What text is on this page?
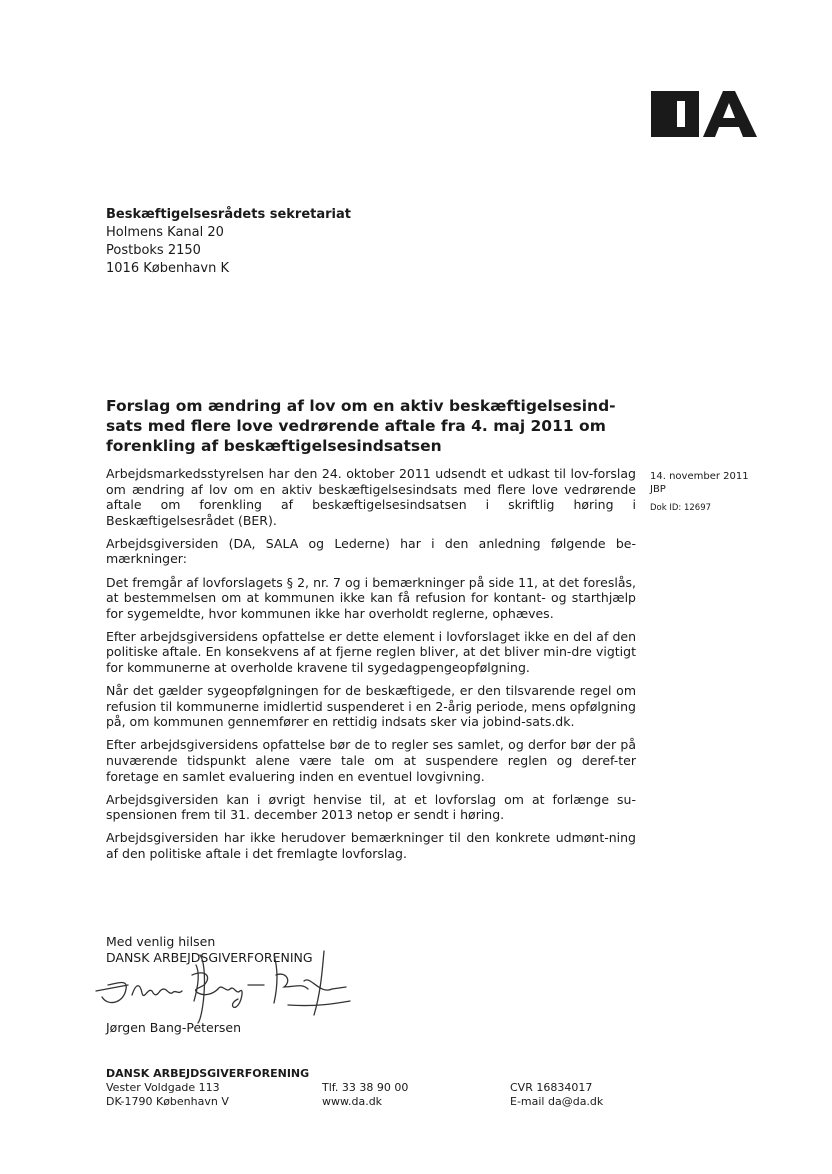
Beskæftigelsesrådets sekretariat
Holmens Kanal 20
Postboks 2150
1016 København K
Forslag om ændring af lov om en aktiv beskæftigelsesind-sats med flere love vedrørende aftale fra 4. maj 2011 om forenkling af beskæftigelsesindsatsen
14. november 2011
JBP
Dok ID: 12697

Arbejdsmarkedsstyrelsen har den 24. oktober 2011 udsendt et udkast til lov-forslag om ændring af lov om en aktiv beskæftigelsesindsats med flere love vedrørende aftale om forenkling af beskæftigelsesindsatsen i skriftlig høring i Beskæftigelsesrådet (BER).

Arbejdsgiversiden (DA, SALA og Lederne) har i den anledning følgende be-mærkninger:

Det fremgår af lovforslagets § 2, nr. 7 og i bemærkninger på side 11, at det foreslås, at bestemmelsen om at kommunen ikke kan få refusion for kontant- og starthjælp for sygemeldte, hvor kommunen ikke har overholdt reglerne, ophæves.

Efter arbejdsgiversidens opfattelse er dette element i lovforslaget ikke en del af den politiske aftale. En konsekvens af at fjerne reglen bliver, at det bliver min-dre vigtigt for kommunerne at overholde kravene til sygedagpengeopfølgning.

Når det gælder sygeopfølgningen for de beskæftigede, er den tilsvarende regel om refusion til kommunerne imidlertid suspenderet i en 2-årig periode, mens opfølgning på, om kommunen gennemfører en rettidig indsats sker via jobind-sats.dk.

Efter arbejdsgiversidens opfattelse bør de to regler ses samlet, og derfor bør der på nuværende tidspunkt alene være tale om at suspendere reglen og deref-ter foretage en samlet evaluering inden en eventuel lovgivning.

Arbejdsgiversiden kan i øvrigt henvise til, at et lovforslag om at forlænge su-spensionen frem til 31. december 2013 netop er sendt i høring.

Arbejdsgiversiden har ikke herudover bemærkninger til den konkrete udmønt-ning af den politiske aftale i det fremlagte lovforslag.

Med venlig hilsen
DANSK ARBEJDSGIVERFORENING
Jørgen Bang-Petersen
DANSK ARBEJDSGIVERFORENING
Vester Voldgade 113
DK-1790 København V
Tlf. 33 38 90 00
www.da.dk
CVR 16834017
E-mail da@da.dk
